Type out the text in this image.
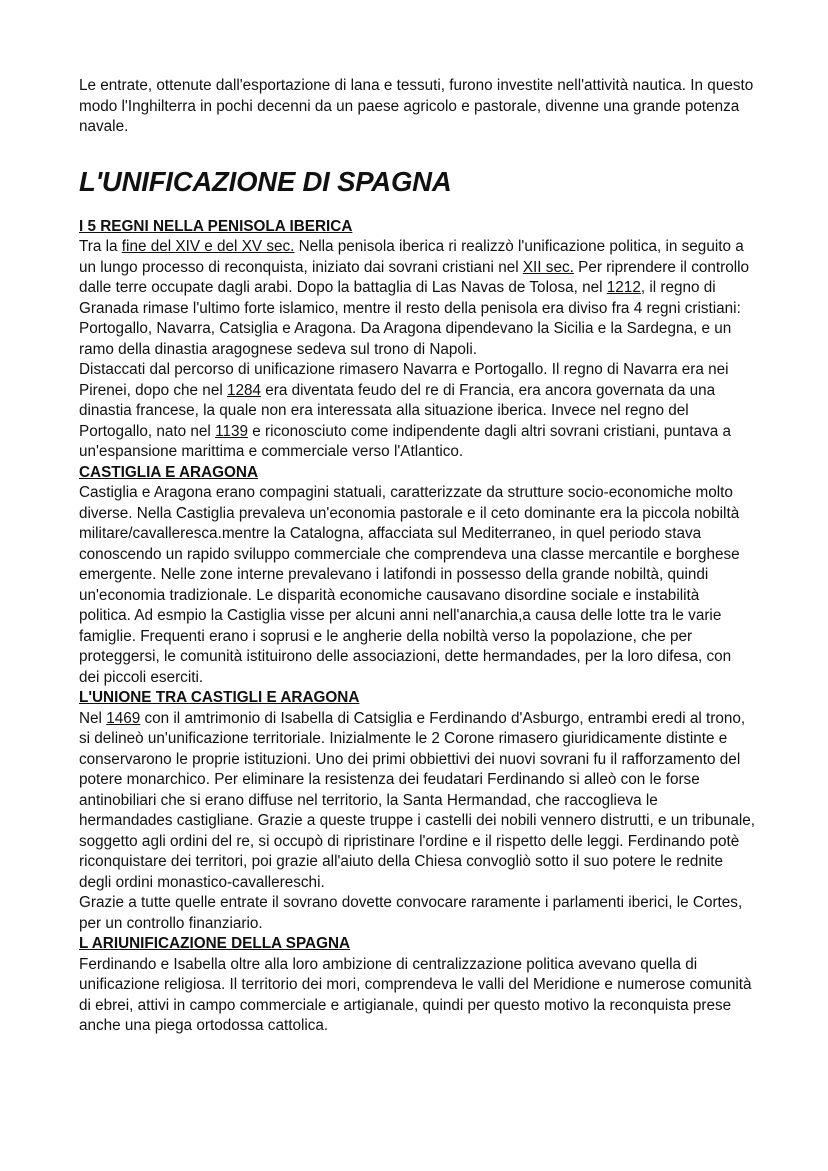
Le entrate, ottenute dall'esportazione di lana e tessuti, furono investite nell'attività nautica. In questo modo l'Inghilterra in pochi decenni da un paese agricolo e pastorale, divenne una grande potenza navale.

L'UNIFICAZIONE DI SPAGNA
I 5 REGNI NELLA PENISOLA IBERICA

Tra la fine del XIV e del XV sec. Nella penisola iberica ri realizzò l'unificazione politica, in seguito a un lungo processo di reconquista, iniziato dai sovrani cristiani nel XII sec. Per riprendere il controllo dalle terre occupate dagli arabi. Dopo la battaglia di Las Navas de Tolosa, nel 1212, il regno di Granada rimase l'ultimo forte islamico, mentre il resto della penisola era diviso fra 4 regni cristiani: Portogallo, Navarra, Catsiglia e Aragona. Da Aragona dipendevano la Sicilia e la Sardegna, e un ramo della dinastia aragognese sedeva sul trono di Napoli.

Distaccati dal percorso di unificazione rimasero Navarra e Portogallo. Il regno di Navarra era nei Pirenei, dopo che nel 1284 era diventata feudo del re di Francia, era ancora governata da una dinastia francese, la quale non era interessata alla situazione iberica. Invece nel regno del Portogallo, nato nel 1139 e riconosciuto come indipendente dagli altri sovrani cristiani, puntava a un'espansione marittima e commerciale verso l'Atlantico.

CASTIGLIA E ARAGONA

Castiglia e Aragona erano compagini statuali, caratterizzate da strutture socio-economiche molto diverse. Nella Castiglia prevaleva un'economia pastorale e il ceto dominante era la piccola nobiltà militare/cavalleresca.mentre la Catalogna, affacciata sul Mediterraneo, in quel periodo stava conoscendo un rapido sviluppo commerciale che comprendeva una classe mercantile e borghese emergente. Nelle zone interne prevalevano i latifondi in possesso della grande nobiltà, quindi un'economia tradizionale. Le disparità economiche causavano disordine sociale e instabilità politica. Ad esmpio la Castiglia visse per alcuni anni nell'anarchia,a causa delle lotte tra le varie famiglie. Frequenti erano i soprusi e le angherie della nobiltà verso la popolazione, che per proteggersi, le comunità istituirono delle associazioni, dette hermandades, per la loro difesa, con dei piccoli eserciti.

L'UNIONE TRA CASTIGLI E ARAGONA

Nel 1469 con il amtrimonio di Isabella di Catsiglia e Ferdinando d'Asburgo, entrambi eredi al trono, si delineò un'unificazione territoriale. Inizialmente le 2 Corone rimasero giuridicamente distinte e conservarono le proprie istituzioni. Uno dei primi obbiettivi dei nuovi sovrani fu il rafforzamento del potere monarchico. Per eliminare la resistenza dei feudatari Ferdinando si alleò con le forse antinobiliari che si erano diffuse nel territorio, la Santa Hermandad, che raccoglieva le hermandades castigliane. Grazie a queste truppe i castelli dei nobili vennero distrutti, e un tribunale, soggetto agli ordini del re, si occupò di ripristinare l'ordine e il rispetto delle leggi. Ferdinando potè riconquistare dei territori, poi grazie all'aiuto della Chiesa convogliò sotto il suo potere le rednite degli ordini monastico-cavallereschi.

Grazie a tutte quelle entrate il sovrano dovette convocare raramente i parlamenti iberici, le Cortes, per un controllo finanziario.

L ARIUNIFICAZIONE DELLA SPAGNA

Ferdinando e Isabella oltre alla loro ambizione di centralizzazione politica avevano quella di unificazione religiosa. Il territorio dei mori, comprendeva le valli del Meridione e numerose comunità di ebrei, attivi in campo commerciale e artigianale, quindi per questo motivo la reconquista prese anche una piega ortodossa cattolica.
